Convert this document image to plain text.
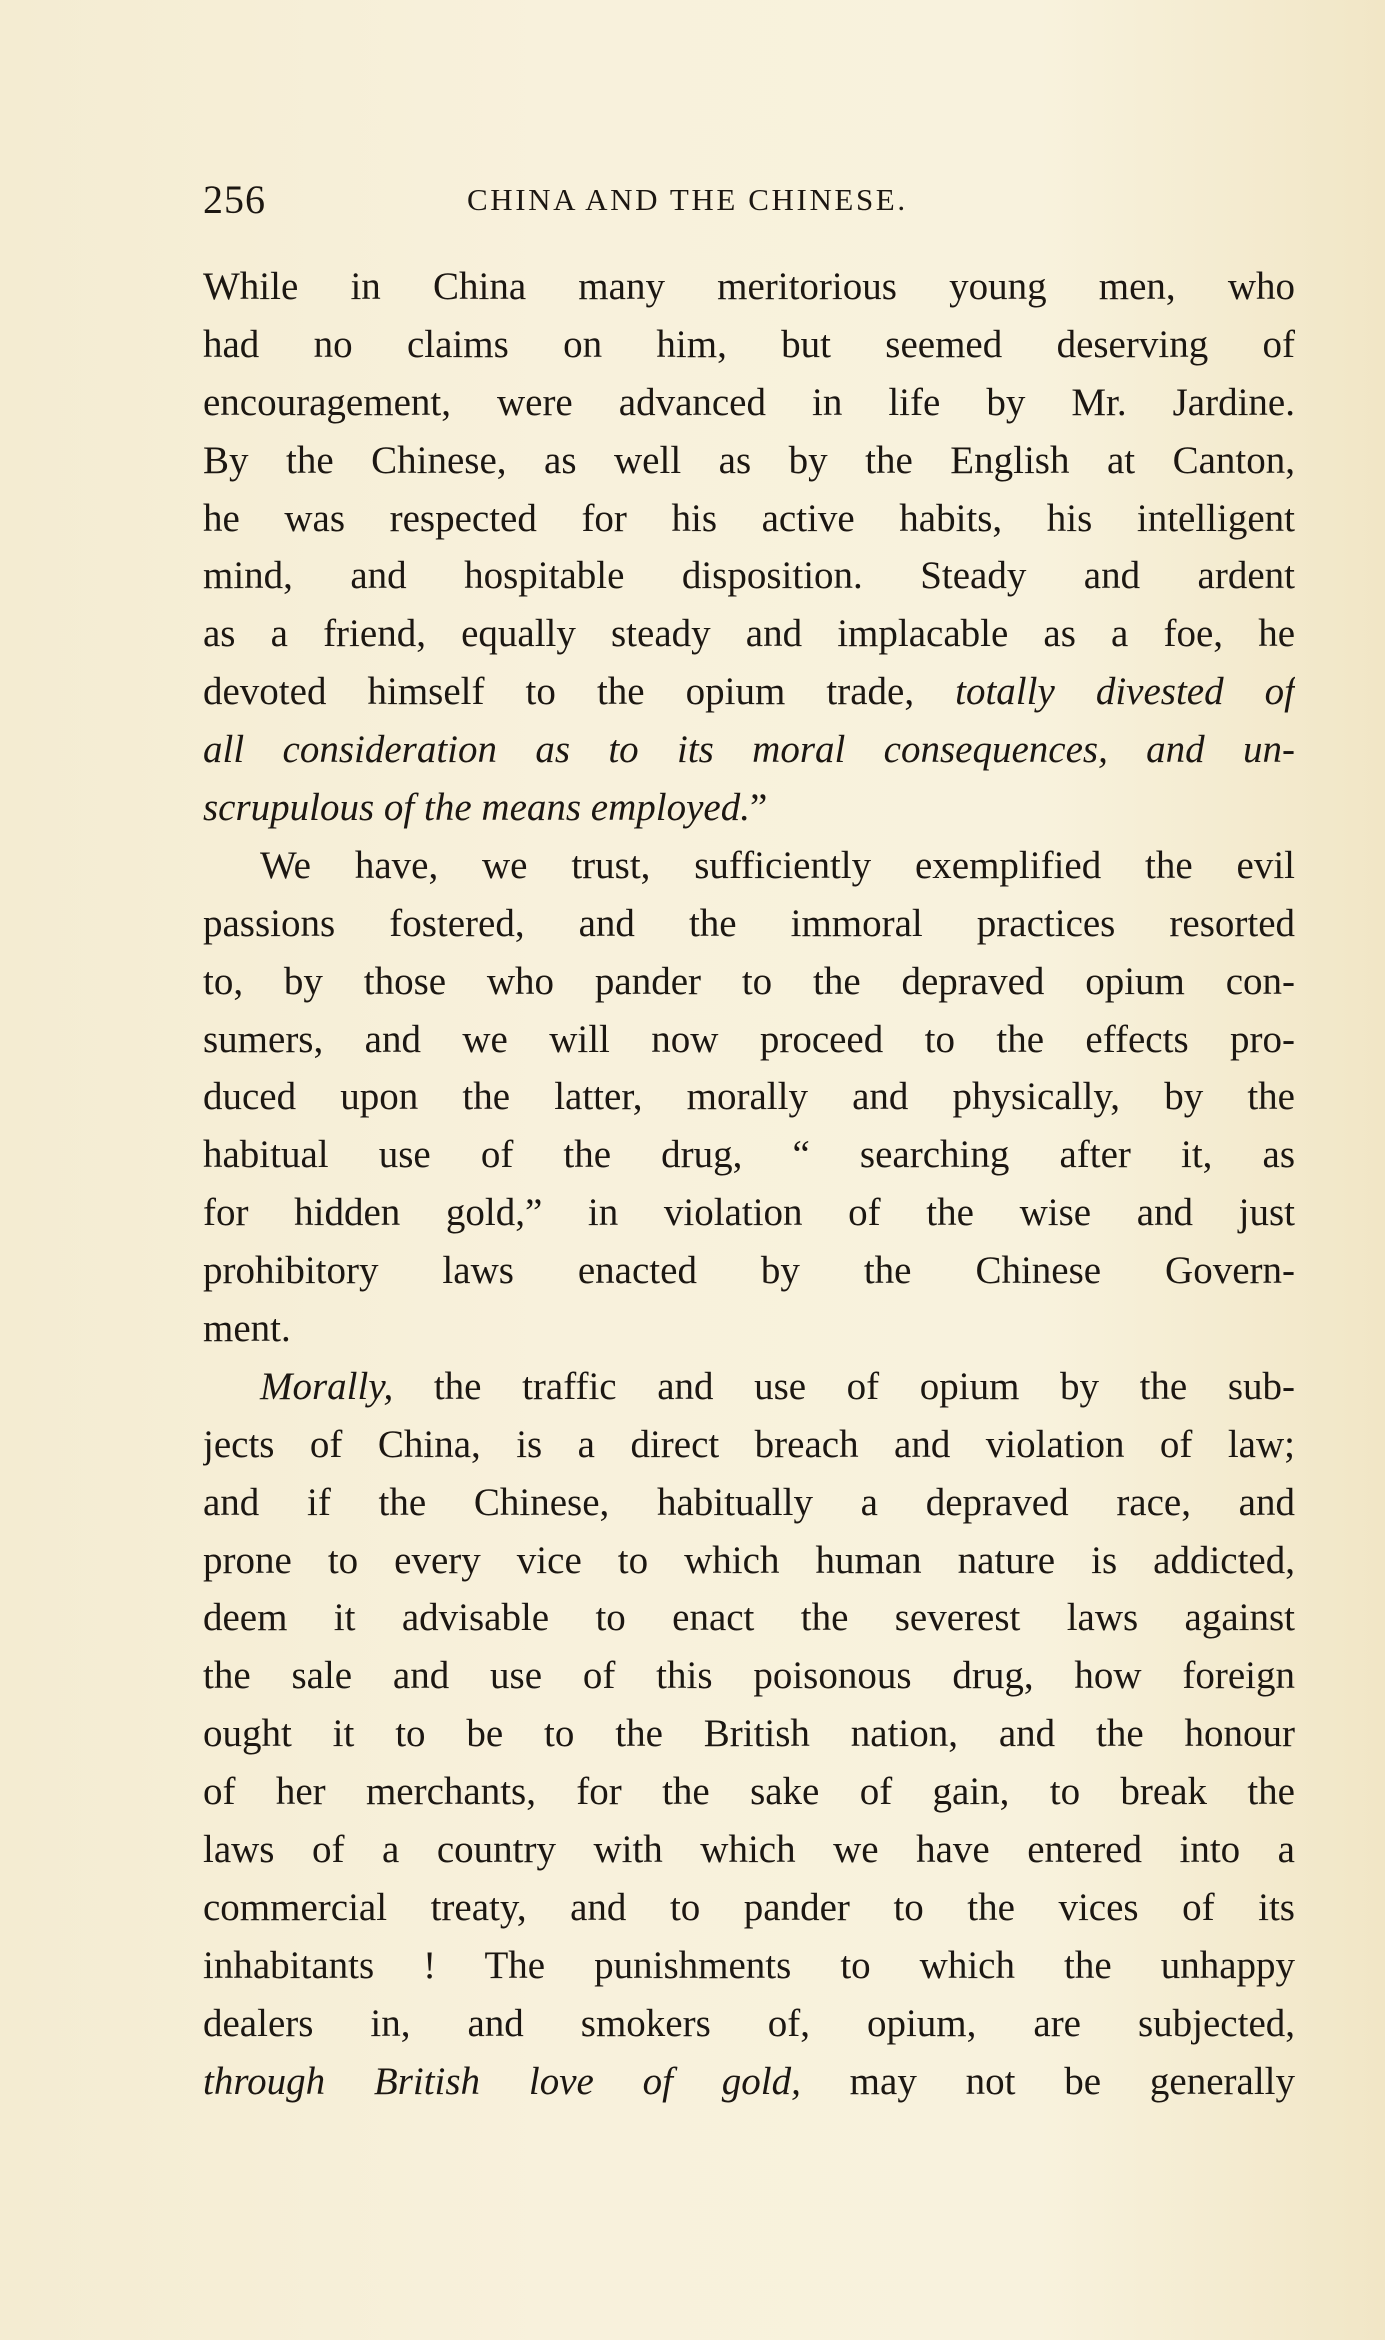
256	CHINA AND THE CHINESE.
While in China many meritorious young men, who
had no claims on him, but seemed deserving of
encouragement, were advanced in life by Mr. Jardine.
By the Chinese, as well as by the English at Canton,
he was respected for his active habits, his intelligent
mind, and hospitable disposition. Steady and ardent
as a friend, equally steady and implacable as a foe, he
devoted himself to the opium trade, totally divested of
all consideration as to its moral consequences, and un-
scrupulous of the means employed.”
We have, we trust, sufficiently exemplified the evil
passions fostered, and the immoral practices resorted
to, by those who pander to the depraved opium con-
sumers, and we will now proceed to the effects pro-
duced upon the latter, morally and physically, by the
habitual use of the drug, “ searching after it, as
for hidden gold,” in violation of the wise and just
prohibitory laws enacted by the Chinese Govern-
ment.
Morally, the traffic and use of opium by the sub-
jects of China, is a direct breach and violation of law;
and if the Chinese, habitually a depraved race, and
prone to every vice to which human nature is addicted,
deem it advisable to enact the severest laws against
the sale and use of this poisonous drug, how foreign
ought it to be to the British nation, and the honour
of her merchants, for the sake of gain, to break the
laws of a country with which we have entered into a
commercial treaty, and to pander to the vices of its
inhabitants ! The punishments to which the unhappy
dealers in, and smokers of, opium, are subjected,
through British love of gold, may not be generally
